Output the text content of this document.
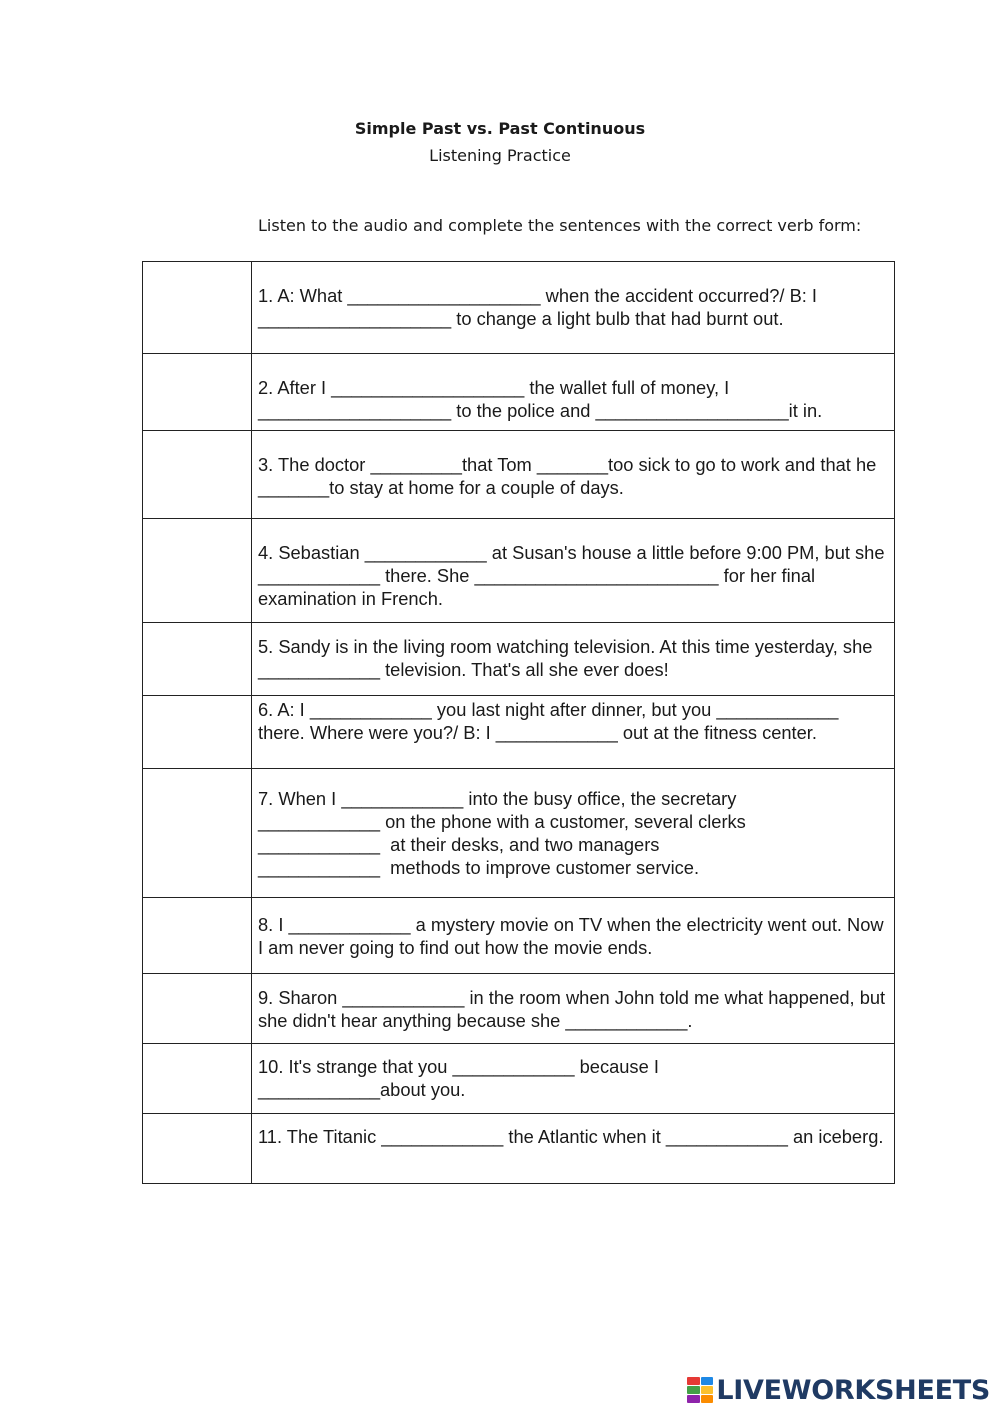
Simple Past vs. Past Continuous

Listening Practice

Listen to the audio and complete the sentences with the correct verb form:

	1. A: What ___________________ when the accident occurred?/ B: I ___________________ to change a light bulb that had burnt out.
	2. After I ___________________ the wallet full of money, I ___________________ to the police and ___________________it in.
	3. The doctor _________that Tom _______too sick to go to work and that he _______to stay at home for a couple of days.
	4. Sebastian ____________ at Susan's house a little before 9:00 PM, but she ____________ there. She ________________________ for her final examination in French.
	5. Sandy is in the living room watching television. At this time yesterday, she ____________ television. That's all she ever does!
	6. A: I ____________ you last night after dinner, but you ____________ there. Where were you?/ B: I ____________ out at the fitness center.
	7. When I ____________ into the busy office, the secretary
____________ on the phone with a customer, several clerks
____________  at their desks, and two managers
____________  methods to improve customer service.
	8. I ____________ a mystery movie on TV when the electricity went out. Now I am never going to find out how the movie ends.
	9. Sharon ____________ in the room when John told me what happened, but she didn't hear anything because she ____________.
	10. It's strange that you ____________ because I
____________about you.
	11. The Titanic ____________ the Atlantic when it ____________ an iceberg.
LIVEWORKSHEETS
